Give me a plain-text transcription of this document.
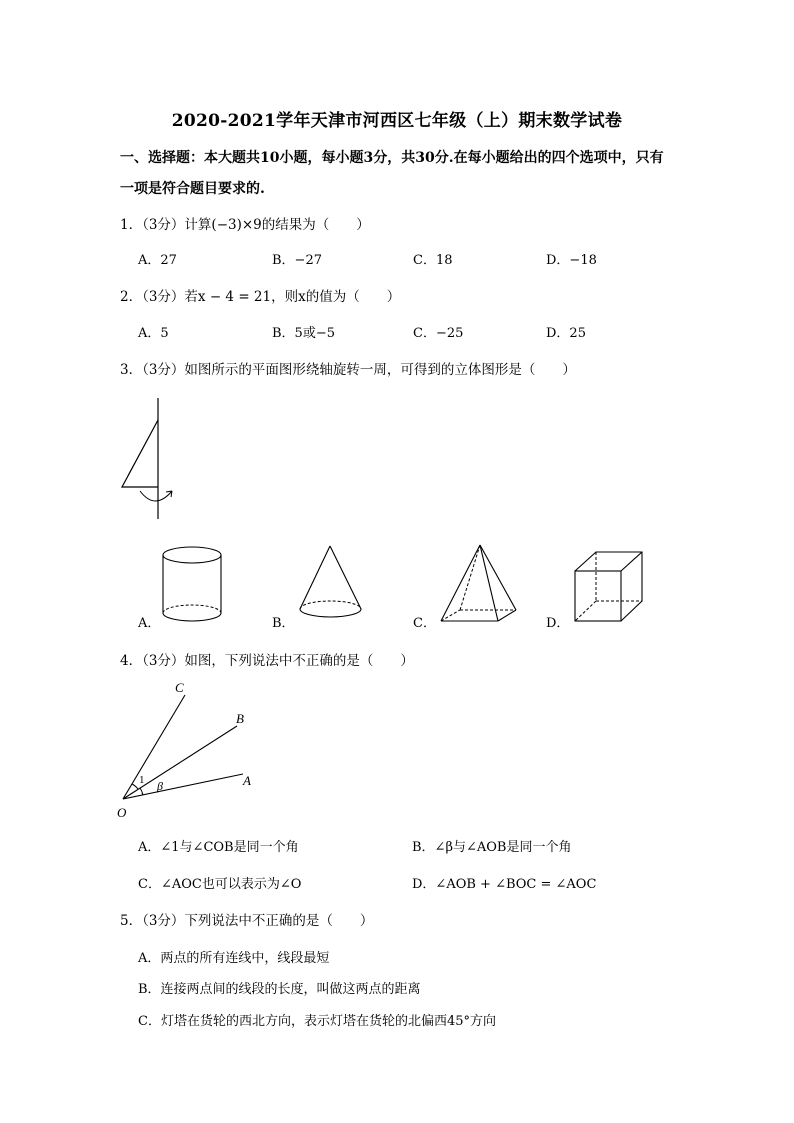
2020-2021学年天津市河西区七年级（上）期末数学试卷
一、选择题：本大题共10小题，每小题3分，共30分.在每小题给出的四个选项中，只有
一项是符合题目要求的.
1．（3分）计算(−3)×9的结果为（　　）
A．27	B．−27	C．18	D．−18
2．（3分）若x − 4 = 21，则x的值为（　　）
A．5	B．5或−5	C．−25	D．25
3．（3分）如图所示的平面图形绕轴旋转一周，可得到的立体图形是（　　）
A．	B．	C．	D．
4．（3分）如图，下列说法中不正确的是（　　）
C
B
A
O
1 β
A．∠1与∠COB是同一个角	B．∠β与∠AOB是同一个角
C．∠AOC也可以表示为∠O	D．∠AOB + ∠BOC = ∠AOC
5．（3分）下列说法中不正确的是（　　）
A．两点的所有连线中，线段最短
B．连接两点间的线段的长度，叫做这两点的距离
C．灯塔在货轮的西北方向，表示灯塔在货轮的北偏西45°方向
